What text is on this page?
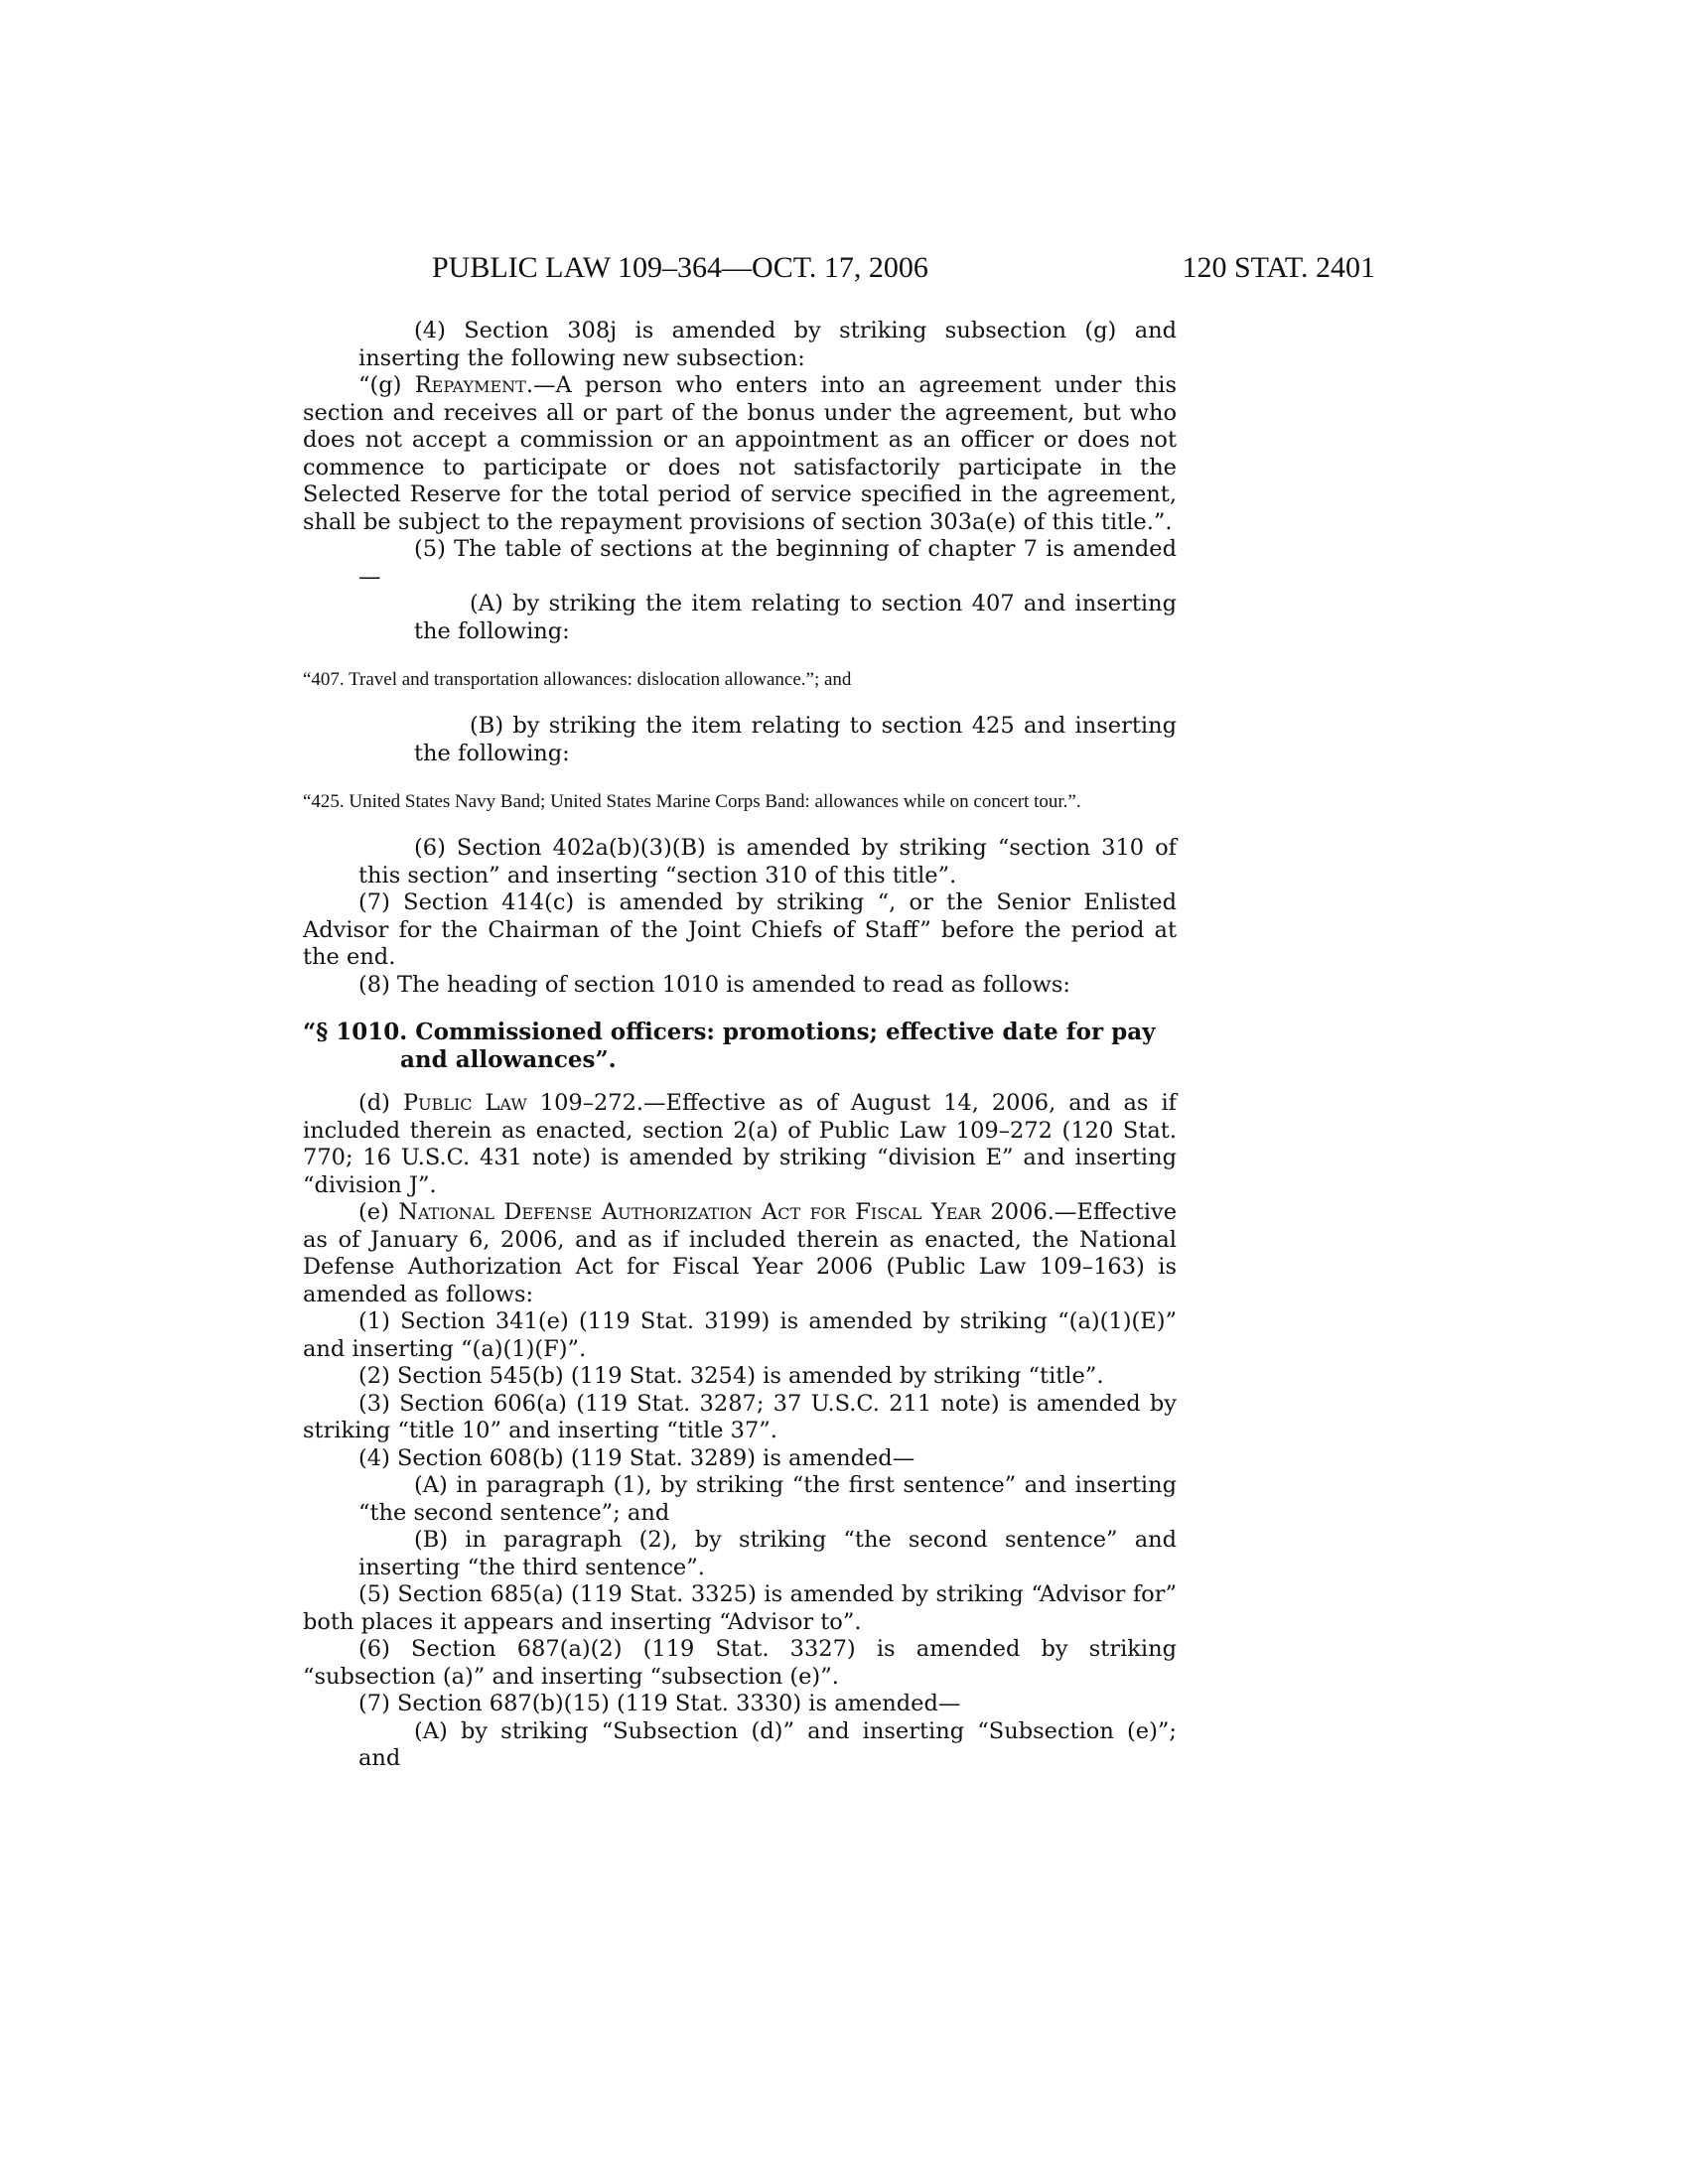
PUBLIC LAW 109–364—OCT. 17, 2006	120 STAT. 2401

(4) Section 308j is amended by striking subsection (g) and inserting the following new subsection:

“(g) Repayment.—A person who enters into an agreement under this section and receives all or part of the bonus under the agreement, but who does not accept a commission or an appointment as an officer or does not commence to participate or does not satisfactorily participate in the Selected Reserve for the total period of service specified in the agreement, shall be subject to the repayment provisions of section 303a(e) of this title.”.

(5) The table of sections at the beginning of chapter 7 is amended—

(A) by striking the item relating to section 407 and inserting the following:

“407. Travel and transportation allowances: dislocation allowance.”; and

(B) by striking the item relating to section 425 and inserting the following:

“425. United States Navy Band; United States Marine Corps Band: allowances while on concert tour.”.

(6) Section 402a(b)(3)(B) is amended by striking “section 310 of this section” and inserting “section 310 of this title”.

(7) Section 414(c) is amended by striking “, or the Senior Enlisted Advisor for the Chairman of the Joint Chiefs of Staff” before the period at the end.

(8) The heading of section 1010 is amended to read as follows:

“§ 1010. Commissioned officers: promotions; effective date for pay and allowances”.

(d) Public Law 109–272.—Effective as of August 14, 2006, and as if included therein as enacted, section 2(a) of Public Law 109–272 (120 Stat. 770; 16 U.S.C. 431 note) is amended by striking “division E” and inserting “division J”.

(e) National Defense Authorization Act for Fiscal Year 2006.—Effective as of January 6, 2006, and as if included therein as enacted, the National Defense Authorization Act for Fiscal Year 2006 (Public Law 109–163) is amended as follows:

(1) Section 341(e) (119 Stat. 3199) is amended by striking “(a)(1)(E)” and inserting “(a)(1)(F)”.

(2) Section 545(b) (119 Stat. 3254) is amended by striking “title”.

(3) Section 606(a) (119 Stat. 3287; 37 U.S.C. 211 note) is amended by striking “title 10” and inserting “title 37”.

(4) Section 608(b) (119 Stat. 3289) is amended—

(A) in paragraph (1), by striking “the first sentence” and inserting “the second sentence”; and

(B) in paragraph (2), by striking “the second sentence” and inserting “the third sentence”.

(5) Section 685(a) (119 Stat. 3325) is amended by striking “Advisor for” both places it appears and inserting “Advisor to”.

(6) Section 687(a)(2) (119 Stat. 3327) is amended by striking “subsection (a)” and inserting “subsection (e)”.

(7) Section 687(b)(15) (119 Stat. 3330) is amended—

(A) by striking “Subsection (d)” and inserting “Subsection (e)”; and
